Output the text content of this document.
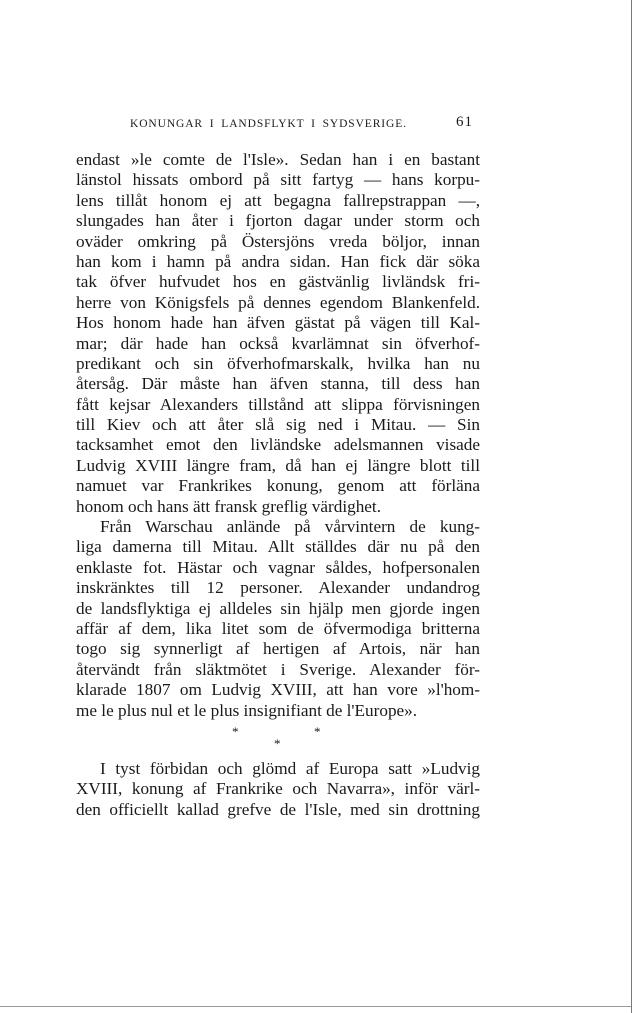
KONUNGAR I LANDSFLYKT I SYDSVERIGE.	61
endast »le comte de l'Isle». Sedan han i en bastant
länstol hissats ombord på sitt fartyg — hans korpu-
lens tillåt honom ej att begagna fallrepstrappan —,
slungades han åter i fjorton dagar under storm och
oväder omkring på Östersjöns vreda böljor, innan
han kom i hamn på andra sidan. Han fick där söka
tak öfver hufvudet hos en gästvänlig livländsk fri-
herre von Königsfels på dennes egendom Blankenfeld.
Hos honom hade han äfven gästat på vägen till Kal-
mar; där hade han också kvarlämnat sin öfverhof-
predikant och sin öfverhofmarskalk, hvilka han nu
återsåg. Där måste han äfven stanna, till dess han
fått kejsar Alexanders tillstånd att slippa förvisningen
till Kiev och att åter slå sig ned i Mitau. — Sin
tacksamhet emot den livländske adelsmannen visade
Ludvig XVIII längre fram, då han ej längre blott till
namuet var Frankrikes konung, genom att förläna
honom och hans ätt fransk greflig värdighet.
Från Warschau anlände på vårvintern de kung-
liga damerna till Mitau. Allt ställdes där nu på den
enklaste fot. Hästar och vagnar såldes, hofpersonalen
inskränktes till 12 personer. Alexander undandrog
de landsflyktiga ej alldeles sin hjälp men gjorde ingen
affär af dem, lika litet som de öfvermodiga britterna
togo sig synnerligt af hertigen af Artois, när han
återvändt från släktmötet i Sverige. Alexander för-
klarade 1807 om Ludvig XVIII, att han vore »l'hom-
me le plus nul et le plus insignifiant de l'Europe».
*	*
*
I tyst förbidan och glömd af Europa satt »Ludvig
XVIII, konung af Frankrike och Navarra», inför värl-
den officiellt kallad grefve de l'Isle, med sin drottning
